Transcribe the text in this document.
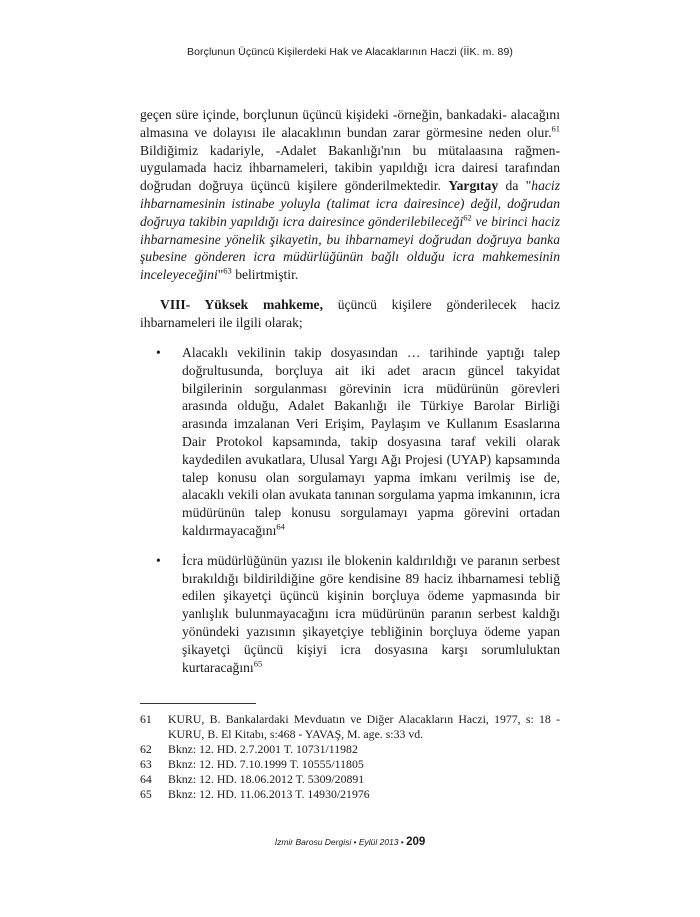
Borçlunun Üçüncü Kişilerdeki Hak ve Alacaklarının Haczi (İİK. m. 89)
geçen süre içinde, borçlunun üçüncü kişideki -örneğin, bankadaki- alacağını almasına ve dolayısı ile alacaklının bundan zarar görmesine neden olur.$^{61}$ Bildiğimiz kadariyle, -Adalet Bakanlığı'nın bu mütalaasına rağmen- uygulamada haciz ihbarnameleri, takibin yapıldığı icra dairesi tarafından doğrudan doğruya üçüncü kişilere gönderilmektedir. Yargıtay da "haciz ihbarnamesinin istinabe yoluyla (talimat icra dairesince) değil, doğrudan doğruya takibin yapıldığı icra dairesince gönderilebileceği$^{62}$ ve birinci haciz ihbarnamesine yönelik şikayetin, bu ihbarnameyi doğrudan doğruya banka şubesine gönderen icra müdürlüğünün bağlı olduğu icra mahkemesinin inceleyeceğini"$^{63}$ belirtmiştir.
VIII- Yüksek mahkeme, üçüncü kişilere gönderilecek haciz ihbarnameleri ile ilgili olarak;
• Alacaklı vekilinin takip dosyasından … tarihinde yaptığı talep doğrultusunda, borçluya ait iki adet aracın güncel takyidat bilgilerinin sorgulanması görevinin icra müdürünün görevleri arasında olduğu, Adalet Bakanlığı ile Türkiye Barolar Birliği arasında imzalanan Veri Erişim, Paylaşım ve Kullanım Esaslarına Dair Protokol kapsamında, takip dosyasına taraf vekili olarak kaydedilen avukatlara, Ulusal Yargı Ağı Projesi (UYAP) kapsamında talep konusu olan sorgulamayı yapma imkanı verilmiş ise de, alacaklı vekili olan avukata tanınan sorgulama yapma imkanının, icra müdürünün talep konusu sorgulamayı yapma görevini ortadan kaldırmayacağını$^{64}$
• İcra müdürlüğünün yazısı ile blokenin kaldırıldığı ve paranın serbest bırakıldığı bildirildiğine göre kendisine 89 haciz ihbarnamesi tebliğ edilen şikayetçi üçüncü kişinin borçluya ödeme yapmasında bir yanlışlık bulunmayacağını icra müdürünün paranın serbest kaldığı yönündeki yazısının şikayetçiye tebliğinin borçluya ödeme yapan şikayetçi üçüncü kişiyi icra dosyasına karşı sorumluluktan kurtaracağını$^{65}$
61 KURU, B. Bankalardaki Mevduatın ve Diğer Alacakların Haczi, 1977, s: 18 - KURU, B. El Kitabı, s:468 - YAVAŞ, M. age. s:33 vd.
62 Bknz: 12. HD. 2.7.2001 T. 10731/11982
63 Bknz: 12. HD. 7.10.1999 T. 10555/11805
64 Bknz: 12. HD. 18.06.2012 T. 5309/20891
65 Bknz: 12. HD. 11.06.2013 T. 14930/21976
İzmir Barosu Dergisi • Eylül 2013 • 209
